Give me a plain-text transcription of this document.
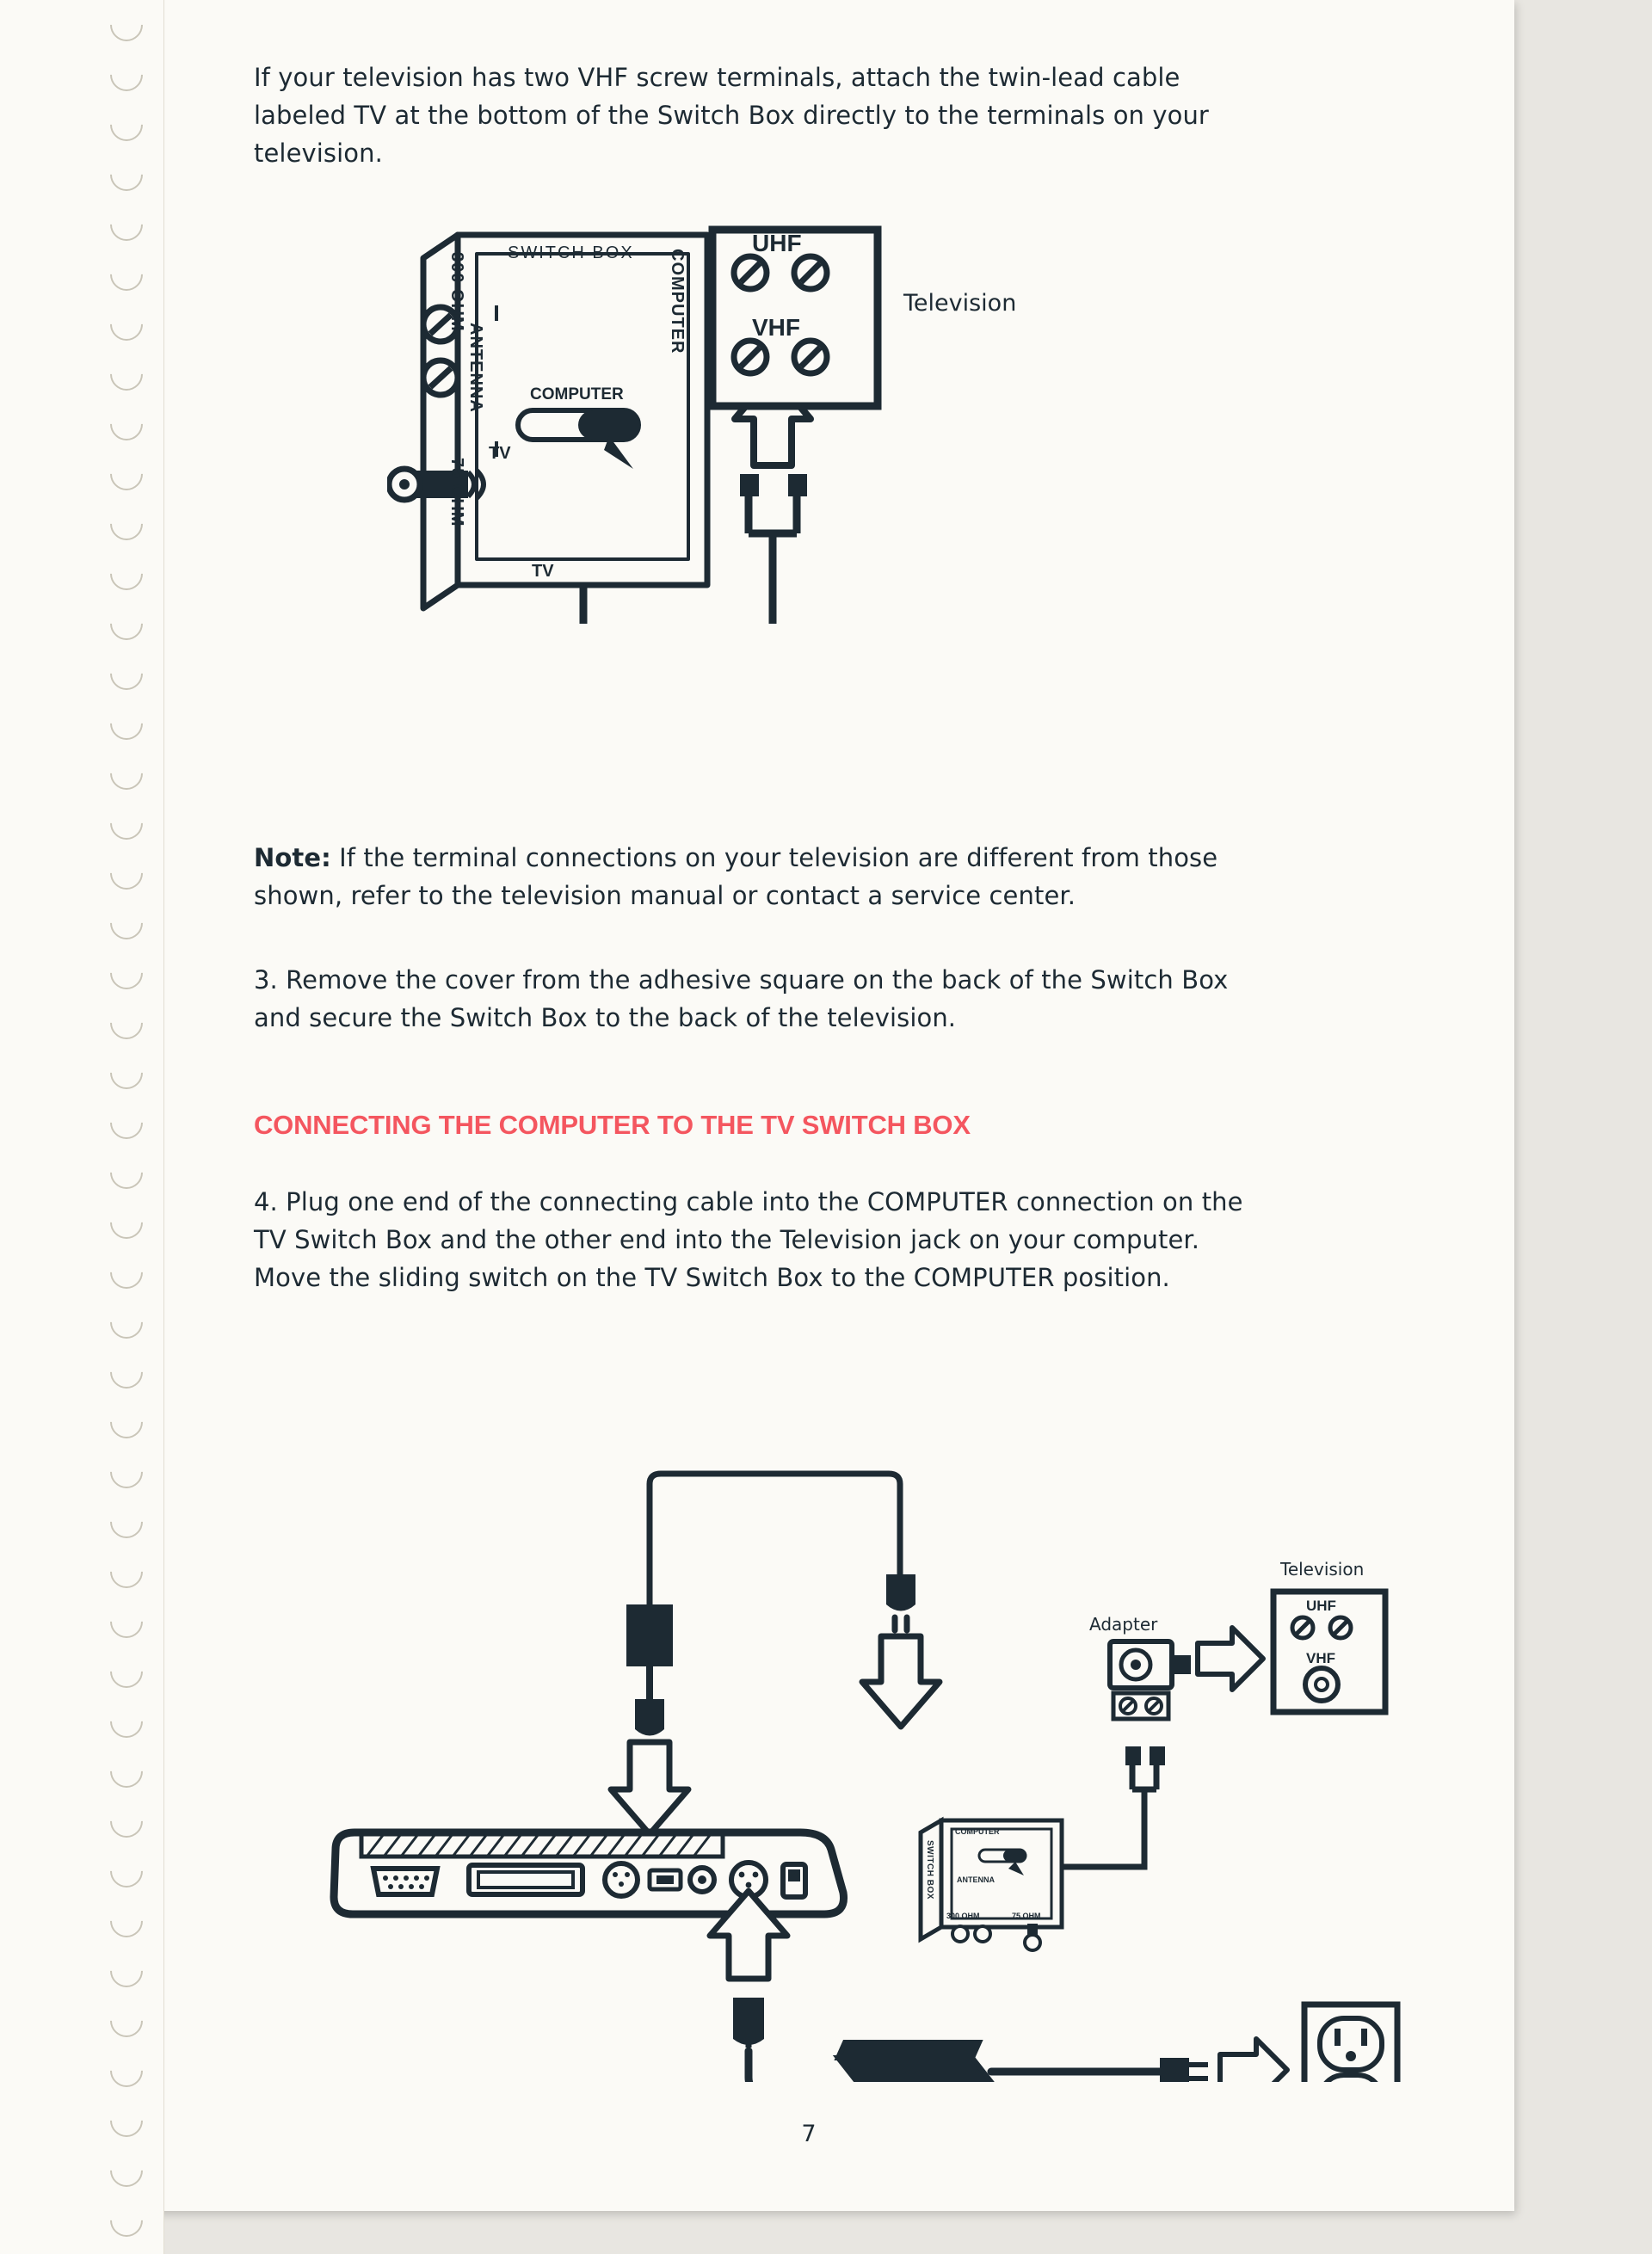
If your television has two VHF screw terminals, attach the twin-lead cable labeled TV at the bottom of the Switch Box directly to the terminals on your television.
SWITCH BOX
300 OHM
ANTENNA
75 OHM
COMPUTER
COMPUTER
TV
TV
UHF
VHF
Television
Note: If the terminal connections on your television are different from those shown, refer to the television manual or contact a service center.
3. Remove the cover from the adhesive square on the back of the Switch Box and secure the Switch Box to the back of the television.
CONNECTING THE COMPUTER TO THE TV SWITCH BOX
4. Plug one end of the connecting cable into the COMPUTER connection on the TV Switch Box and the other end into the Television jack on your computer. Move the sliding switch on the TV Switch Box to the COMPUTER position.
Television
UHF
VHF
Adapter
SWITCH BOX
COMPUTER
ANTENNA
300 OHM	75 OHM
7
